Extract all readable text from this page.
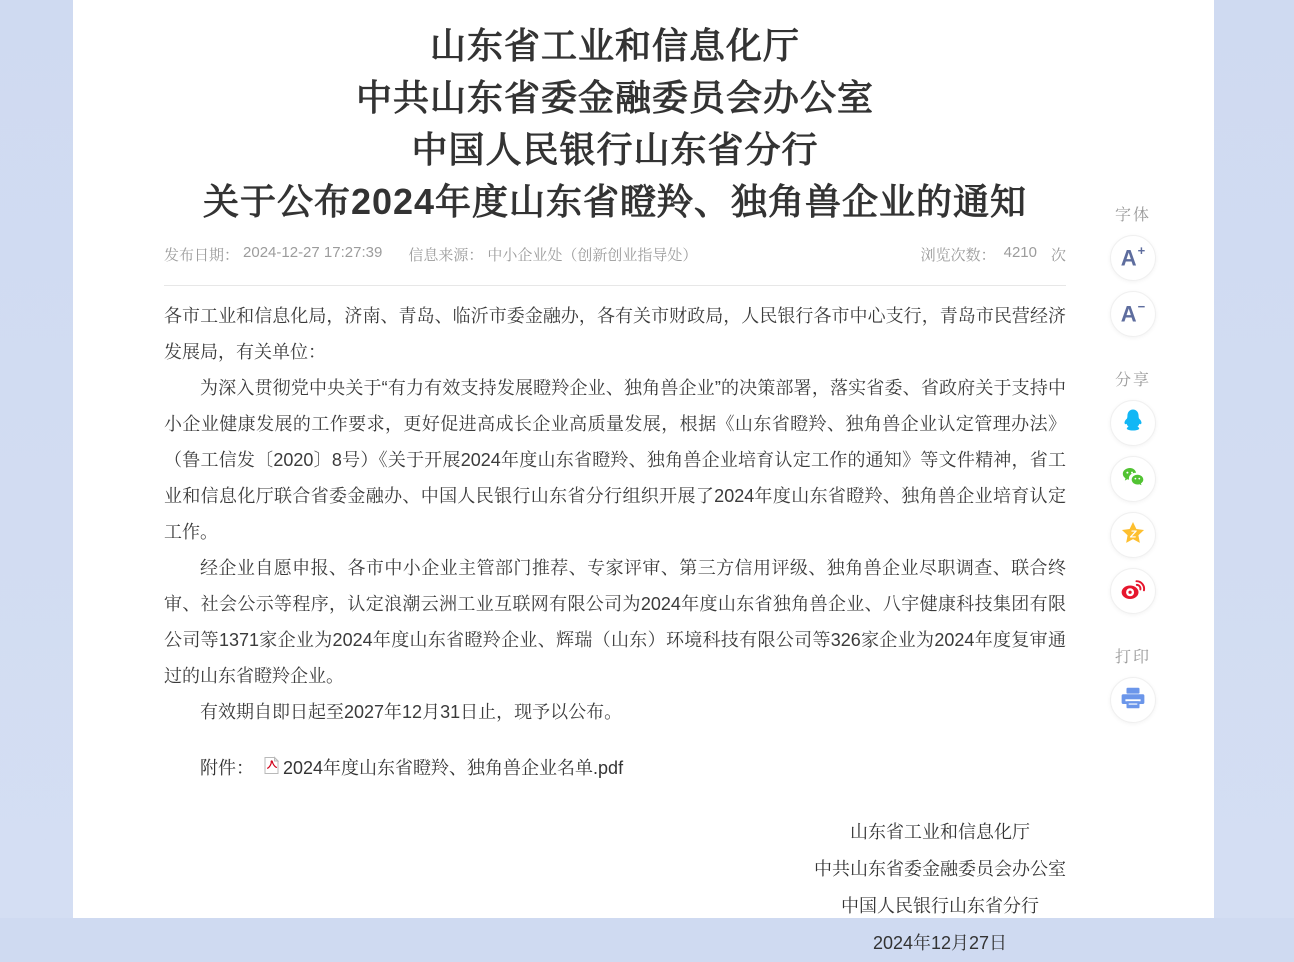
山东省工业和信息化厅
中共山东省委金融委员会办公室
中国人民银行山东省分行
关于公布2024年度山东省瞪羚、独角兽企业的通知
发布日期： 2024-12-27 17:27:39 信息来源： 中小企业处（创新创业指导处）	浏览次数： 4210 次

各市工业和信息化局，济南、青岛、临沂市委金融办，各有关市财政局，人民银行各市中心支行，青岛市民营经济发展局，有关单位：

为深入贯彻党中央关于“有力有效支持发展瞪羚企业、独角兽企业”的决策部署，落实省委、省政府关于支持中小企业健康发展的工作要求，更好促进高成长企业高质量发展，根据《山东省瞪羚、独角兽企业认定管理办法》（鲁工信发〔2020〕8号）《关于开展2024年度山东省瞪羚、独角兽企业培育认定工作的通知》等文件精神，省工业和信息化厅联合省委金融办、中国人民银行山东省分行组织开展了2024年度山东省瞪羚、独角兽企业培育认定工作。

经企业自愿申报、各市中小企业主管部门推荐、专家评审、第三方信用评级、独角兽企业尽职调查、联合终审、社会公示等程序，认定浪潮云洲工业互联网有限公司为2024年度山东省独角兽企业、八宇健康科技集团有限公司等1371家企业为2024年度山东省瞪羚企业、辉瑞（山东）环境科技有限公司等326家企业为2024年度复审通过的山东省瞪羚企业。

有效期自即日起至2027年12月31日止，现予以公布。

附件： 2024年度山东省瞪羚、独角兽企业名单.pdf
山东省工业和信息化厅
中共山东省委金融委员会办公室
中国人民银行山东省分行
2024年12月27日
字体
A+
A−
分享
Z
打印
